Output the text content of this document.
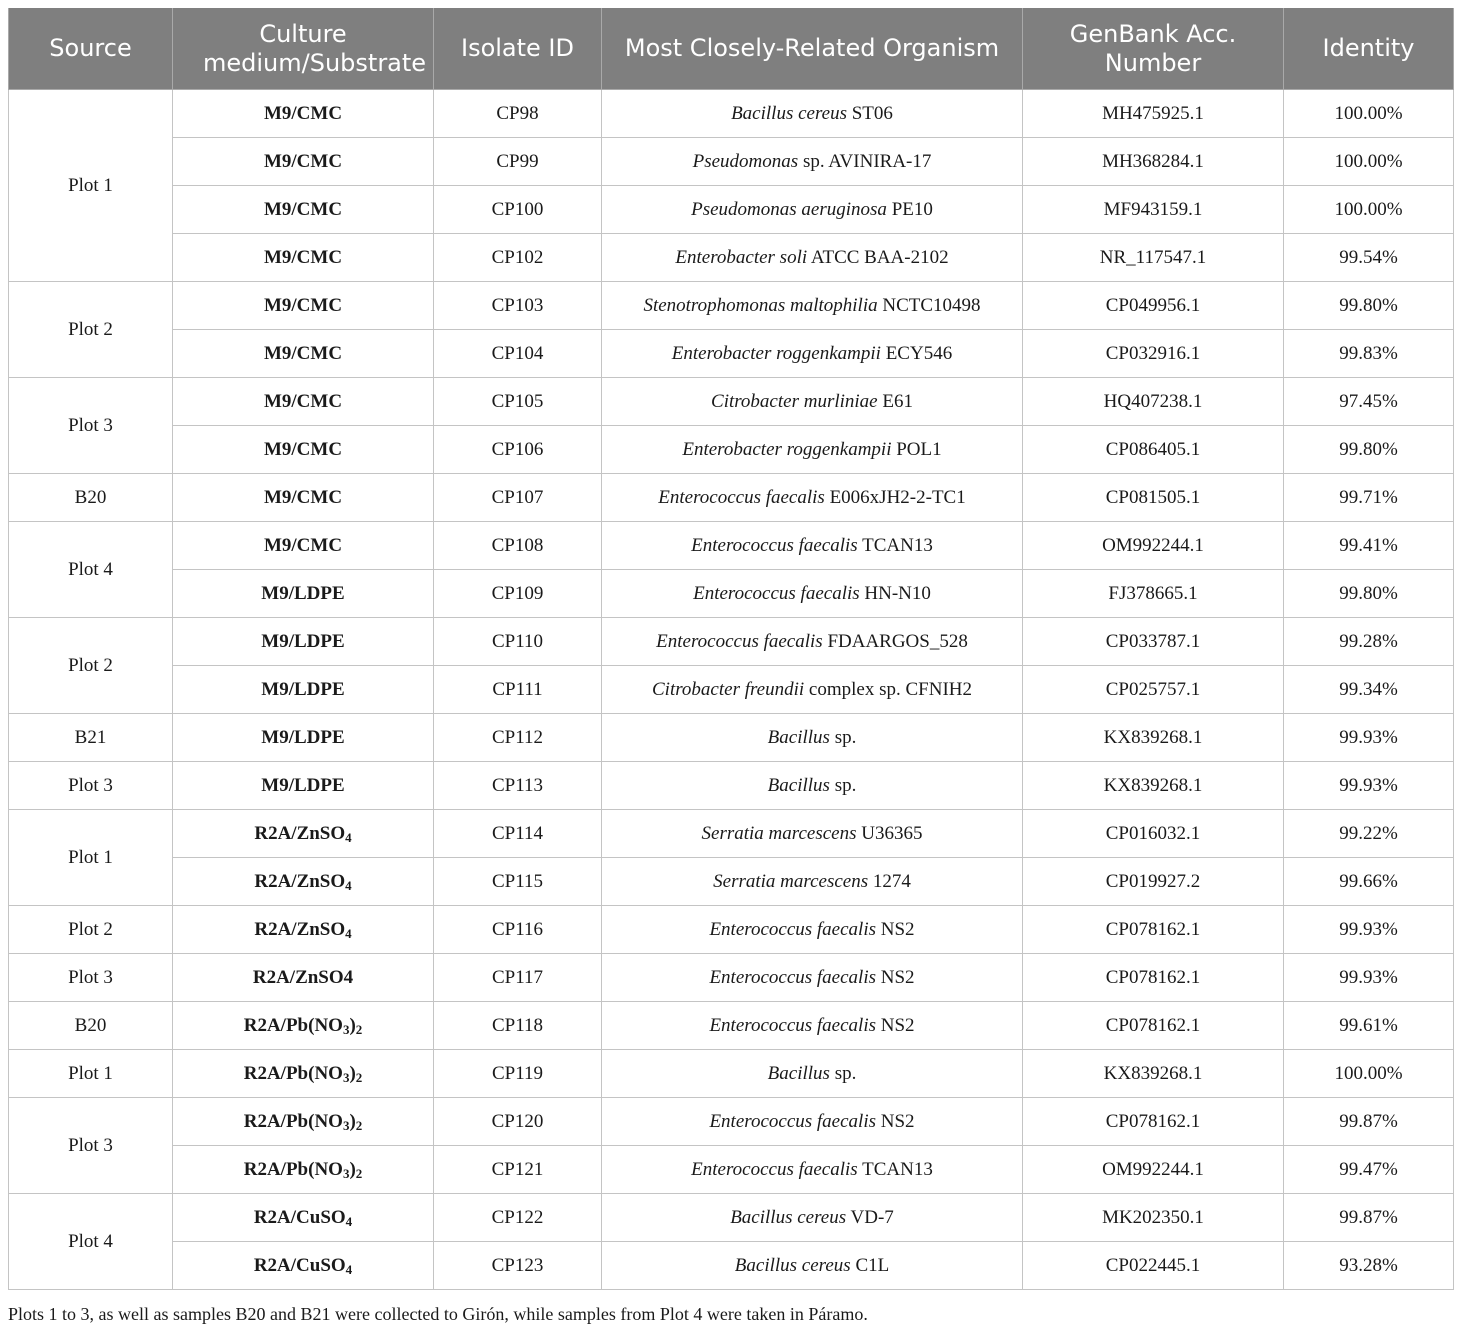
Source	Culture medium/Substrate	Isolate ID	Most Closely-Related Organism	GenBank Acc. Number	Identity
Plot 1	M9/CMC	CP98	Bacillus cereus ST06	MH475925.1	100.00%
	M9/CMC	CP99	Pseudomonas sp. AVINIRA-17	MH368284.1	100.00%
	M9/CMC	CP100	Pseudomonas aeruginosa PE10	MF943159.1	100.00%
	M9/CMC	CP102	Enterobacter soli ATCC BAA-2102	NR_117547.1	99.54%
Plot 2	M9/CMC	CP103	Stenotrophomonas maltophilia NCTC10498	CP049956.1	99.80%
	M9/CMC	CP104	Enterobacter roggenkampii ECY546	CP032916.1	99.83%
Plot 3	M9/CMC	CP105	Citrobacter murliniae E61	HQ407238.1	97.45%
	M9/CMC	CP106	Enterobacter roggenkampii POL1	CP086405.1	99.80%
B20	M9/CMC	CP107	Enterococcus faecalis E006xJH2-2-TC1	CP081505.1	99.71%
Plot 4	M9/CMC	CP108	Enterococcus faecalis TCAN13	OM992244.1	99.41%
	M9/LDPE	CP109	Enterococcus faecalis HN-N10	FJ378665.1	99.80%
Plot 2	M9/LDPE	CP110	Enterococcus faecalis FDAARGOS_528	CP033787.1	99.28%
	M9/LDPE	CP111	Citrobacter freundii complex sp. CFNIH2	CP025757.1	99.34%
B21	M9/LDPE	CP112	Bacillus sp.	KX839268.1	99.93%
Plot 3	M9/LDPE	CP113	Bacillus sp.	KX839268.1	99.93%
Plot 1	R2A/ZnSO$_4$	CP114	Serratia marcescens U36365	CP016032.1	99.22%
	R2A/ZnSO$_4$	CP115	Serratia marcescens 1274	CP019927.2	99.66%
Plot 2	R2A/ZnSO$_4$	CP116	Enterococcus faecalis NS2	CP078162.1	99.93%
Plot 3	R2A/ZnSO4	CP117	Enterococcus faecalis NS2	CP078162.1	99.93%
B20	$R2A/Pb(NO_3)_2$	CP118	Enterococcus faecalis NS2	CP078162.1	99.61%
Plot 1	$R2A/Pb(NO_3)_2$	CP119	Bacillus sp.	KX839268.1	100.00%
Plot 3	$R2A/Pb(NO_3)_2$	CP120	Enterococcus faecalis NS2	CP078162.1	99.87%
	$R2A/Pb(NO_3)_2$	CP121	Enterococcus faecalis TCAN13	OM992244.1	99.47%
Plot 4	R2A/CuSO$_4$	CP122	Bacillus cereus VD-7	MK202350.1	99.87%
	R2A/CuSO$_4$	CP123	Bacillus cereus C1L	CP022445.1	93.28%
Plots 1 to 3, as well as samples B20 and B21 were collected to Girón, while samples from Plot 4 were taken in Páramo.
